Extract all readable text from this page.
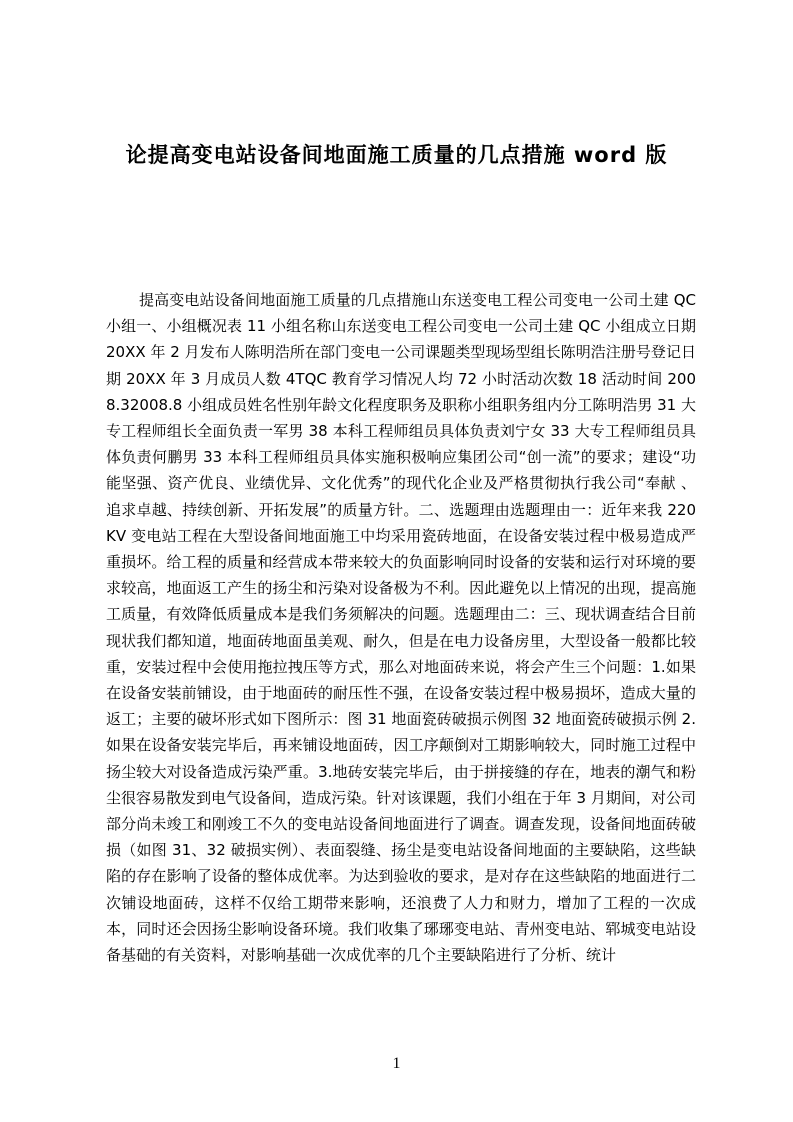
论提高变电站设备间地面施工质量的几点措施 word 版

提高变电站设备间地面施工质量的几点措施山东送变电工程公司变电一公司土建 QC 小组一、小组概况表 11 小组名称山东送变电工程公司变电一公司土建 QC 小组成立日期 20XX 年 2 月发布人陈明浩所在部门变电一公司课题类型现场型组长陈明浩注册号登记日期 20XX 年 3 月成员人数 4TQC 教育学习情况人均 72 小时活动次数 18 活动时间 2008.32008.8 小组成员姓名性别年龄文化程度职务及职称小组职务组内分工陈明浩男 31 大专工程师组长全面负责一军男 38 本科工程师组员具体负责刘宁女 33 大专工程师组员具体负责何鹏男 33 本科工程师组员具体实施积极响应集团公司“创一流”的要求；建设“功能坚强、资产优良、业绩优异、文化优秀”的现代化企业及严格贯彻执行我公司“奉献 、追求卓越、持续创新、开拓发展”的质量方针。二、选题理由选题理由一：近年来我 220KV 变电站工程在大型设备间地面施工中均采用瓷砖地面，在设备安装过程中极易造成严重损坏。给工程的质量和经营成本带来较大的负面影响同时设备的安装和运行对环境的要求较高，地面返工产生的扬尘和污染对设备极为不利。因此避免以上情况的出现，提高施工质量，有效降低质量成本是我们务须解决的问题。选题理由二：三、现状调查结合目前现状我们都知道，地面砖地面虽美观、耐久，但是在电力设备房里，大型设备一般都比较重，安装过程中会使用拖拉拽压等方式，那么对地面砖来说，将会产生三个问题：1.如果在设备安装前铺设，由于地面砖的耐压性不强，在设备安装过程中极易损坏，造成大量的返工；主要的破坏形式如下图所示：图 31 地面瓷砖破损示例图 32 地面瓷砖破损示例 2.如果在设备安装完毕后，再来铺设地面砖，因工序颠倒对工期影响较大，同时施工过程中扬尘较大对设备造成污染严重。3.地砖安装完毕后，由于拼接缝的存在，地表的潮气和粉尘很容易散发到电气设备间，造成污染。针对该课题，我们小组在于年 3 月期间，对公司部分尚未竣工和刚竣工不久的变电站设备间地面进行了调查。调查发现，设备间地面砖破损（如图 31、32 破损实例）、表面裂缝、扬尘是变电站设备间地面的主要缺陷，这些缺陷的存在影响了设备的整体成优率。为达到验收的要求，是对存在这些缺陷的地面进行二次铺设地面砖，这样不仅给工期带来影响，还浪费了人力和财力，增加了工程的一次成本，同时还会因扬尘影响设备环境。我们收集了琊琊变电站、青州变电站、郓城变电站设备基础的有关资料，对影响基础一次成优率的几个主要缺陷进行了分析、统计

1
